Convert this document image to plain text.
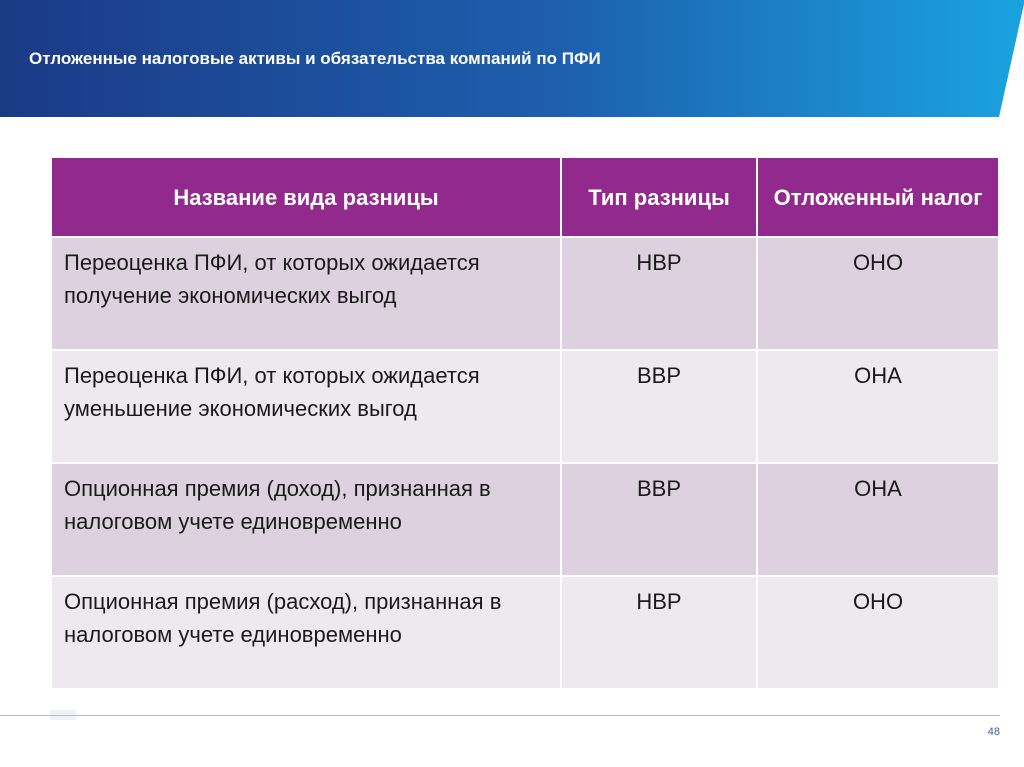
Отложенные налоговые активы и обязательства компаний по ПФИ
Название вида разницы	Тип разницы	Отложенный налог
Переоценка ПФИ, от которых ожидается получение экономических выгод	НВР	ОНО
Переоценка ПФИ, от которых ожидается уменьшение экономических выгод	ВВР	ОНА
Опционная премия (доход), признанная в налоговом учете единовременно	ВВР	ОНА
Опционная премия (расход), признанная в налоговом учете единовременно	НВР	ОНО
48
